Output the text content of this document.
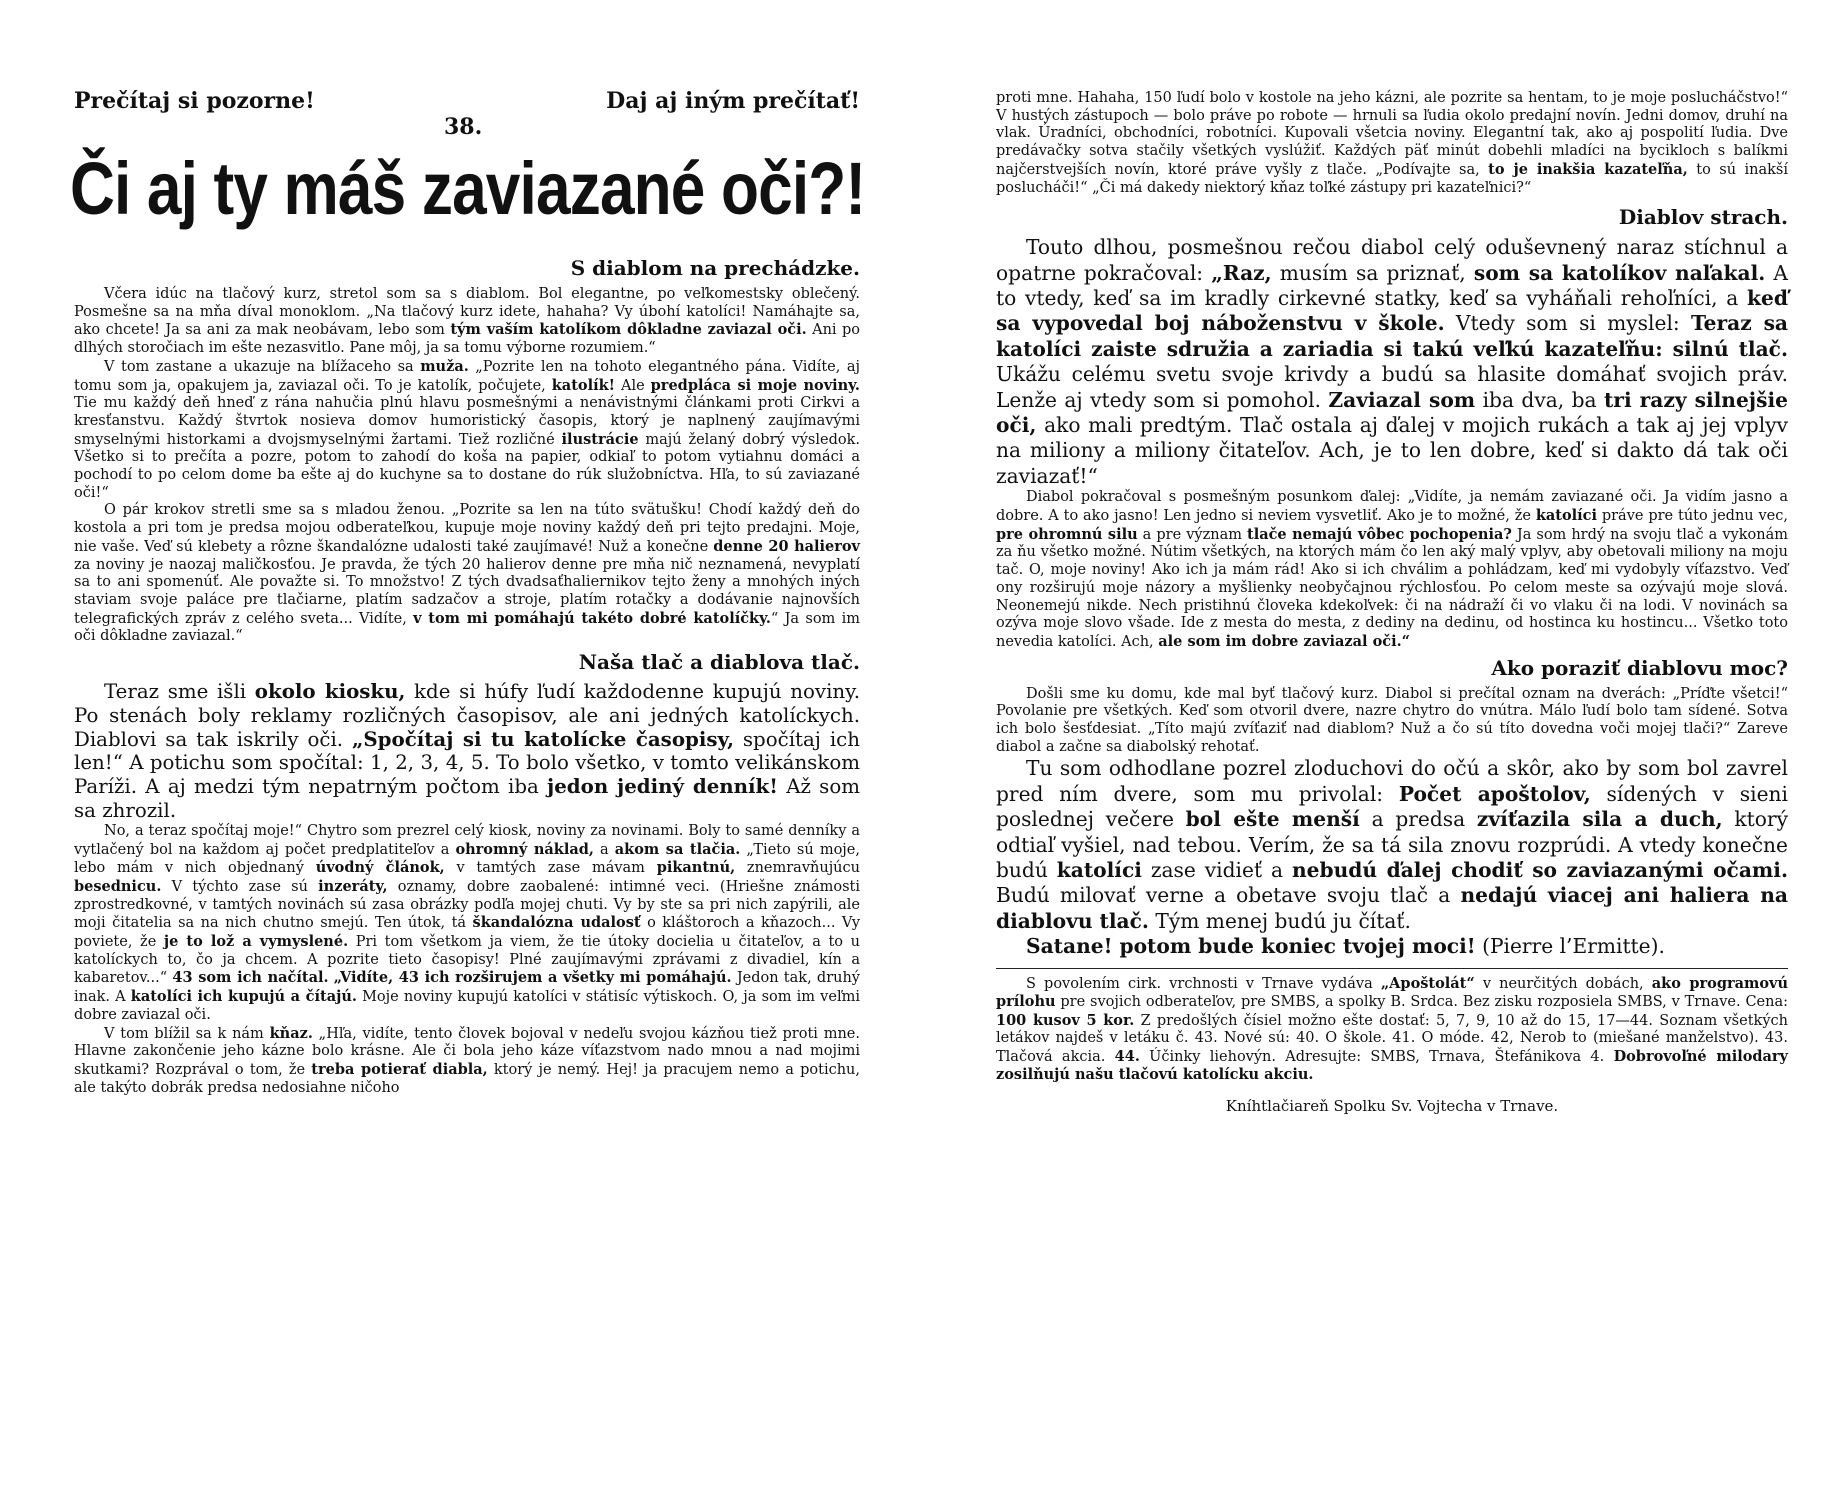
Prečítaj si pozorne!
38.
Daj aj iným prečítať!
Či aj ty máš zaviazané oči?!
S diablom na prechádzke.

Včera idúc na tlačový kurz, stretol som sa s diablom. Bol elegantne, po veľkomestsky oblečený. Posmešne sa na mňa díval monoklom. „Na tlačový kurz idete, hahaha? Vy úbohí katolíci! Namáhajte sa, ako chcete! Ja sa ani za mak neobávam, lebo som tým vaším katolíkom dôkladne zaviazal oči. Ani po dlhých storočiach im ešte nezasvitlo. Pane môj, ja sa tomu výborne rozumiem.“

V tom zastane a ukazuje na blížaceho sa muža. „Pozrite len na tohoto elegantného pána. Vidíte, aj tomu som ja, opakujem ja, zaviazal oči. To je katolík, počujete, katolík! Ale predpláca si moje noviny. Tie mu každý deň hneď z rána nahučia plnú hlavu posmešnými a nenávistnými článkami proti Cirkvi a kresťanstvu. Každý štvrtok nosieva domov humoristický časopis, ktorý je naplnený zaujímavými smyselnými historkami a dvojsmyselnými žartami. Tiež rozličné ilustrácie majú želaný dobrý výsledok. Všetko si to prečíta a pozre, potom to zahodí do koša na papier, odkiaľ to potom vytiahnu domáci a pochodí to po celom dome ba ešte aj do kuchyne sa to dostane do rúk služobníctva. Hľa, to sú zaviazané oči!“

O pár krokov stretli sme sa s mladou ženou. „Pozrite sa len na túto svätušku! Chodí každý deň do kostola a pri tom je predsa mojou odberateľkou, kupuje moje noviny každý deň pri tejto predajni. Moje, nie vaše. Veď sú klebety a rôzne škandalózne udalosti také zaujímavé! Nuž a konečne denne 20 halierov za noviny je naozaj maličkosťou. Je pravda, že tých 20 halierov denne pre mňa nič neznamená, nevyplatí sa to ani spomenúť. Ale považte si. To množstvo! Z tých dvadsaťhaliernikov tejto ženy a mnohých iných staviam svoje paláce pre tlačiarne, platím sadzačov a stroje, platím rotačky a dodávanie najnovších telegrafických zpráv z celého sveta... Vidíte, v tom mi pomáhajú takéto dobré katolíčky.“ Ja som im oči dôkladne zaviazal.“

Naša tlač a diablova tlač.

Teraz sme išli okolo kiosku, kde si húfy ľudí každodenne kupujú noviny. Po stenách boly reklamy rozličných časopisov, ale ani jedných katolíckych. Diablovi sa tak iskrily oči. „Spočítaj si tu katolícke časopisy, spočítaj ich len!“ A potichu som spočítal: 1, 2, 3, 4, 5. To bolo všetko, v tomto velikánskom Paríži. A aj medzi tým nepatrným počtom iba jedon jediný denník! Až som sa zhrozil.

No, a teraz spočítaj moje!“ Chytro som prezrel celý kiosk, noviny za novinami. Boly to samé denníky a vytlačený bol na každom aj počet predplatiteľov a ohromný náklad, a akom sa tlačia. „Tieto sú moje, lebo mám v nich objednaný úvodný článok, v tamtých zase mávam pikantnú, znemravňujúcu besednicu. V týchto zase sú inzeráty, oznamy, dobre zaobalené: intimné veci. (Hriešne známosti zprostredkovné, v tamtých novinách sú zasa obrázky podľa mojej chuti. Vy by ste sa pri nich zapýrili, ale moji čitatelia sa na nich chutno smejú. Ten útok, tá škandalózna udalosť o kláštoroch a kňazoch... Vy poviete, že je to lož a vymyslené. Pri tom všetkom ja viem, že tie útoky docielia u čitateľov, a to u katolíckych to, čo ja chcem. A pozrite tieto časopisy! Plné zaujímavými zprávami z divadiel, kín a kabaretov...“ 43 som ich načítal. „Vidíte, 43 ich rozširujem a všetky mi pomáhajú. Jedon tak, druhý inak. A katolíci ich kupujú a čítajú. Moje noviny kupujú katolíci v státisíc výtiskoch. O, ja som im veľmi dobre zaviazal oči.

V tom blížil sa k nám kňaz. „Hľa, vidíte, tento človek bojoval v nedeľu svojou kázňou tiež proti mne. Hlavne zakončenie jeho kázne bolo krásne. Ale či bola jeho káze víťazstvom nado mnou a nad mojimi skutkami? Rozprával o tom, že treba potierať diabla, ktorý je nemý. Hej! ja pracujem nemo a potichu, ale takýto dobrák predsa nedosiahne ničoho

proti mne. Hahaha, 150 ľudí bolo v kostole na jeho kázni, ale pozrite sa hentam, to je moje poslucháčstvo!“ V hustých zástupoch — bolo práve po robote — hrnuli sa ľudia okolo predajní novín. Jedni domov, druhí na vlak. Úradníci, obchodníci, robotníci. Kupovali všetcia noviny. Elegantní tak, ako aj pospolití ľudia. Dve predávačky sotva stačily všetkých vyslúžiť. Každých päť minút dobehli mladíci na bycikloch s balíkmi najčerstvejších novín, ktoré práve vyšly z tlače. „Podívajte sa, to je inakšia kazateľňa, to sú inakší poslucháči!“ „Či má dakedy niektorý kňaz toľké zástupy pri kazateľnici?“

Diablov strach.

Touto dlhou, posmešnou rečou diabol celý oduševnený naraz stíchnul a opatrne pokračoval: „Raz, musím sa priznať, som sa katolíkov naľakal. A to vtedy, keď sa im kradly cirkevné statky, keď sa vyháňali rehoľníci, a keď sa vypovedal boj náboženstvu v škole. Vtedy som si myslel: Teraz sa katolíci zaiste sdružia a zariadia si takú veľkú kazateľňu: silnú tlač. Ukážu celému svetu svoje krivdy a budú sa hlasite domáhať svojich práv. Lenže aj vtedy som si pomohol. Zaviazal som iba dva, ba tri razy silnejšie oči, ako mali predtým. Tlač ostala aj ďalej v mojich rukách a tak aj jej vplyv na miliony a miliony čitateľov. Ach, je to len dobre, keď si dakto dá tak oči zaviazať!“

Diabol pokračoval s posmešným posunkom ďalej: „Vidíte, ja nemám zaviazané oči. Ja vidím jasno a dobre. A to ako jasno! Len jedno si neviem vysvetliť. Ako je to možné, že katolíci práve pre túto jednu vec, pre ohromnú silu a pre význam tlače nemajú vôbec pochopenia? Ja som hrdý na svoju tlač a vykonám za ňu všetko možné. Nútim všetkých, na ktorých mám čo len aký malý vplyv, aby obetovali miliony na moju tač. O, moje noviny! Ako ich ja mám rád! Ako si ich chválim a pohládzam, keď mi vydobyly víťazstvo. Veď ony rozširujú moje názory a myšlienky neobyčajnou rýchlosťou. Po celom meste sa ozývajú moje slová. Neonemejú nikde. Nech pristihnú človeka kdekoľvek: či na nádraží či vo vlaku či na lodi. V novinách sa ozýva moje slovo všade. Ide z mesta do mesta, z dediny na dedinu, od hostinca ku hostincu... Všetko toto nevedia katolíci. Ach, ale som im dobre zaviazal oči.“

Ako poraziť diablovu moc?

Došli sme ku domu, kde mal byť tlačový kurz. Diabol si prečítal oznam na dverách: „Príďte všetci!“ Povolanie pre všetkých. Keď som otvoril dvere, nazre chytro do vnútra. Málo ľudí bolo tam sídené. Sotva ich bolo šesťdesiat. „Títo majú zvíťaziť nad diablom? Nuž a čo sú títo dovedna voči mojej tlači?“ Zareve diabol a začne sa diabolský rehotať.

Tu som odhodlane pozrel zloduchovi do očú a skôr, ako by som bol zavrel pred ním dvere, som mu privolal: Počet apoštolov, sídených v sieni poslednej večere bol ešte menší a predsa zvíťazila sila a duch, ktorý odtiaľ vyšiel, nad tebou. Verím, že sa tá sila znovu rozprúdi. A vtedy konečne budú katolíci zase vidieť a nebudú ďalej chodiť so zaviazanými očami. Budú milovať verne a obetave svoju tlač a nedajú viacej ani haliera na diablovu tlač. Tým menej budú ju čítať.

Satane! potom bude koniec tvojej moci! (Pierre l’Ermitte).

S povolením cirk. vrchnosti v Trnave vydáva „Apoštolát“ v neurčitých dobách, ako programovú prílohu pre svojich odberateľov, pre SMBS, a spolky B. Srdca. Bez zisku rozposiela SMBS, v Trnave. Cena: 100 kusov 5 kor. Z predošlých čísiel možno ešte dostať: 5, 7, 9, 10 až do 15, 17—44. Soznam všetkých letákov najdeš v letáku č. 43. Nové sú: 40. O škole. 41. O móde. 42, Nerob to (miešané manželstvo). 43. Tlačová akcia. 44. Účinky liehovýn. Adresujte: SMBS, Trnava, Štefánikova 4. Dobrovoľné milodary zosilňujú našu tlačovú katolícku akciu.

Kníhtlačiareň Spolku Sv. Vojtecha v Trnave.
